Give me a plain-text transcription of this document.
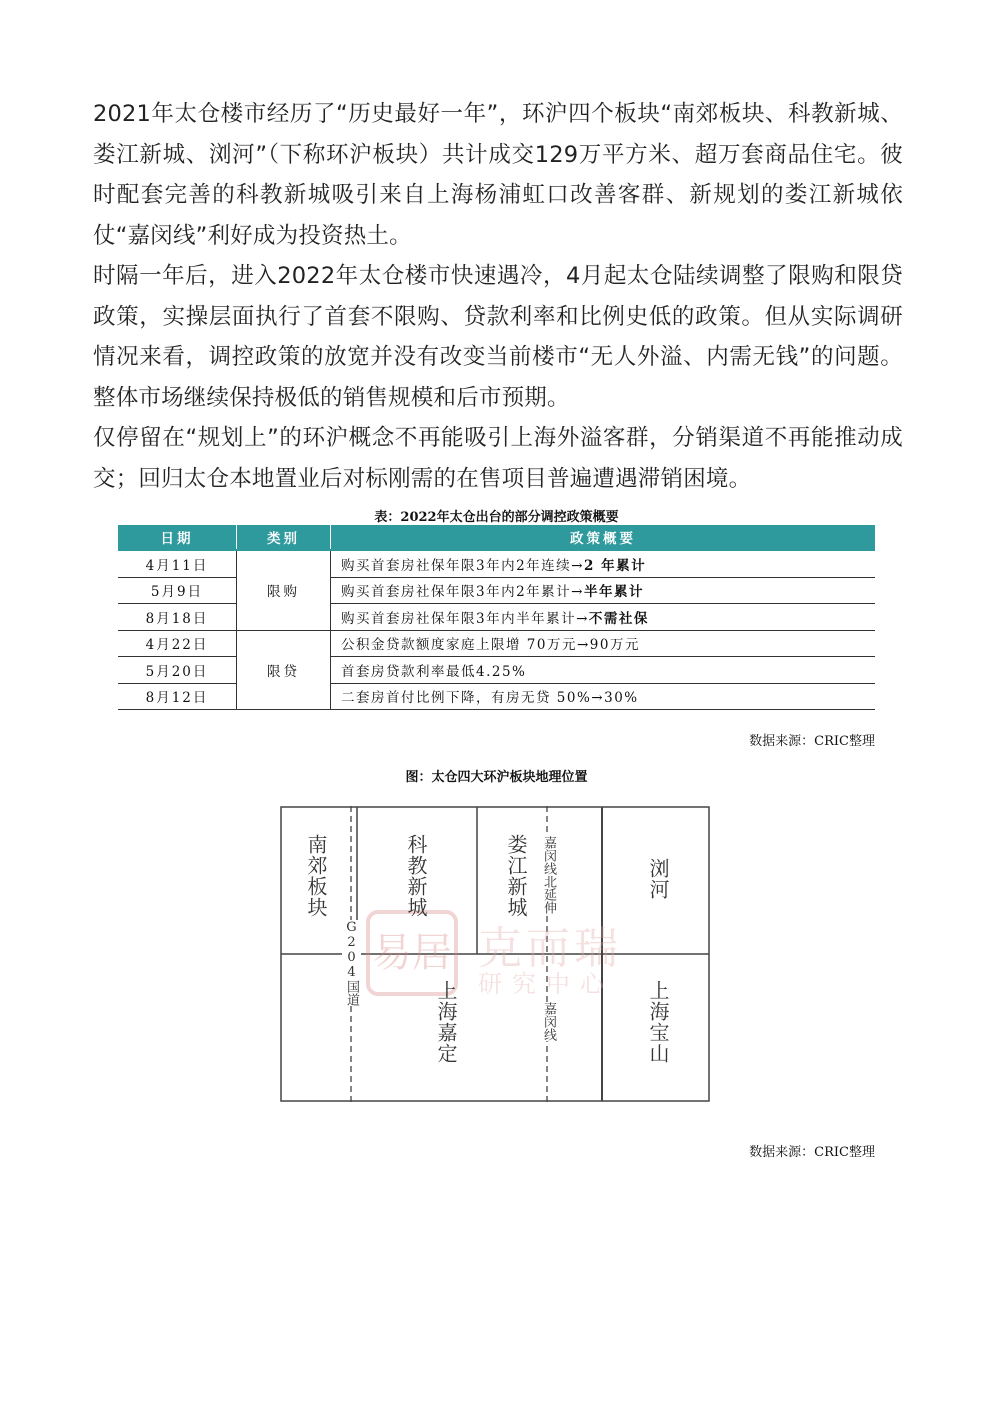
2021年太仓楼市经历了“历史最好一年”，环沪四个板块“南郊板块、科教新城、娄江新城、浏河”（下称环沪板块）共计成交129万平方米、超万套商品住宅。彼时配套完善的科教新城吸引来自上海杨浦虹口改善客群、新规划的娄江新城依仗“嘉闵线”利好成为投资热土。

时隔一年后，进入2022年太仓楼市快速遇冷，4月起太仓陆续调整了限购和限贷政策，实操层面执行了首套不限购、贷款利率和比例史低的政策。但从实际调研情况来看，调控政策的放宽并没有改变当前楼市“无人外溢、内需无钱”的问题。整体市场继续保持极低的销售规模和后市预期。

仅停留在“规划上”的环沪概念不再能吸引上海外溢客群，分销渠道不再能推动成交；回归太仓本地置业后对标刚需的在售项目普遍遭遇滞销困境。

表：2022年太仓出台的部分调控政策概要
日期	类别	政策概要
4月11日	限购	购买首套房社保年限3年内2年连续→2 年累计
5月9日		购买首套房社保年限3年内2年累计→半年累计
8月18日		购买首套房社保年限3年内半年累计→不需社保
4月22日	限贷	公积金贷款额度家庭上限增 70万元→90万元
5月20日		首套房贷款利率最低4.25%
8月12日		二套房首付比例下降，有房无贷 50%→30%
数据来源：CRIC整理
图：太仓四大环沪板块地理位置
易居 克而瑞
研究中心
南郊板块	科教新城	娄江新城	浏河
上海嘉定	上海宝山
G204国道
嘉闵线北延伸
嘉闵线
数据来源：CRIC整理
